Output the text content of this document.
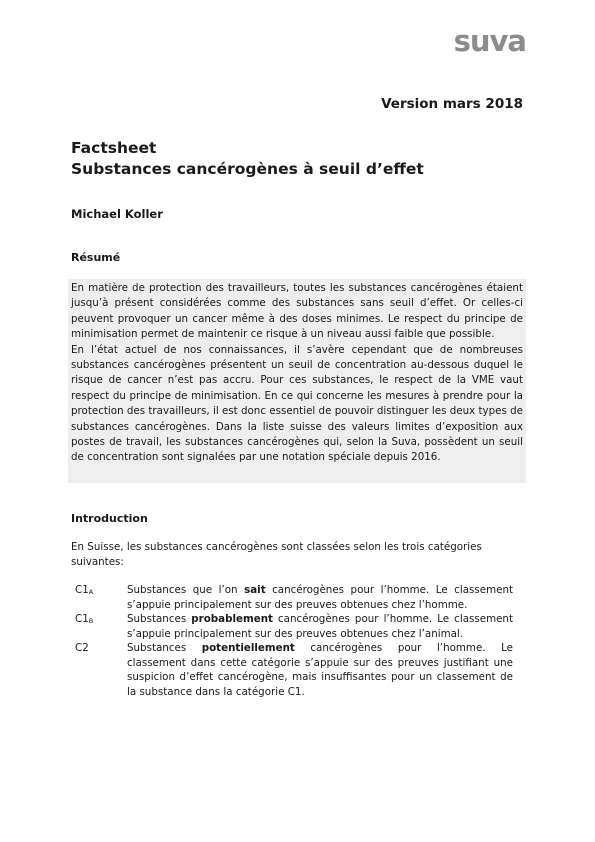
suva
Version mars 2018
Factsheet
Substances cancérogènes à seuil d’effet
Michael Koller
Résumé

En matière de protection des travailleurs, toutes les substances cancérogènes étaient jusqu’à présent considérées comme des substances sans seuil d’effet. Or celles-ci peuvent provoquer un cancer même à des doses minimes. Le respect du principe de minimisation permet de maintenir ce risque à un niveau aussi faible que possible.

En l’état actuel de nos connaissances, il s’avère cependant que de nombreuses substances cancérogènes présentent un seuil de concentration au-dessous duquel le risque de cancer n’est pas accru. Pour ces substances, le respect de la VME vaut respect du principe de minimisation. En ce qui concerne les mesures à prendre pour la protection des travailleurs, il est donc essentiel de pouvoir distinguer les deux types de substances cancérogènes. Dans la liste suisse des valeurs limites d’exposition aux postes de travail, les substances cancérogènes qui, selon la Suva, possèdent un seuil de concentration sont signalées par une notation spéciale depuis 2016.

Introduction
En Suisse, les substances cancérogènes sont classées selon les trois catégories suivantes:
$C1_A$	Substances que l’on sait cancérogènes pour l’homme. Le classement s’appuie principalement sur des preuves obtenues chez l’homme.
$C1_B$	Substances probablement cancérogènes pour l’homme. Le classement s’appuie principalement sur des preuves obtenues chez l’animal.
C2	Substances potentiellement cancérogènes pour l’homme. Le classement dans cette catégorie s’appuie sur des preuves justifiant une suspicion d’effet cancérogène, mais insuffisantes pour un classement de la substance dans la catégorie C1.
